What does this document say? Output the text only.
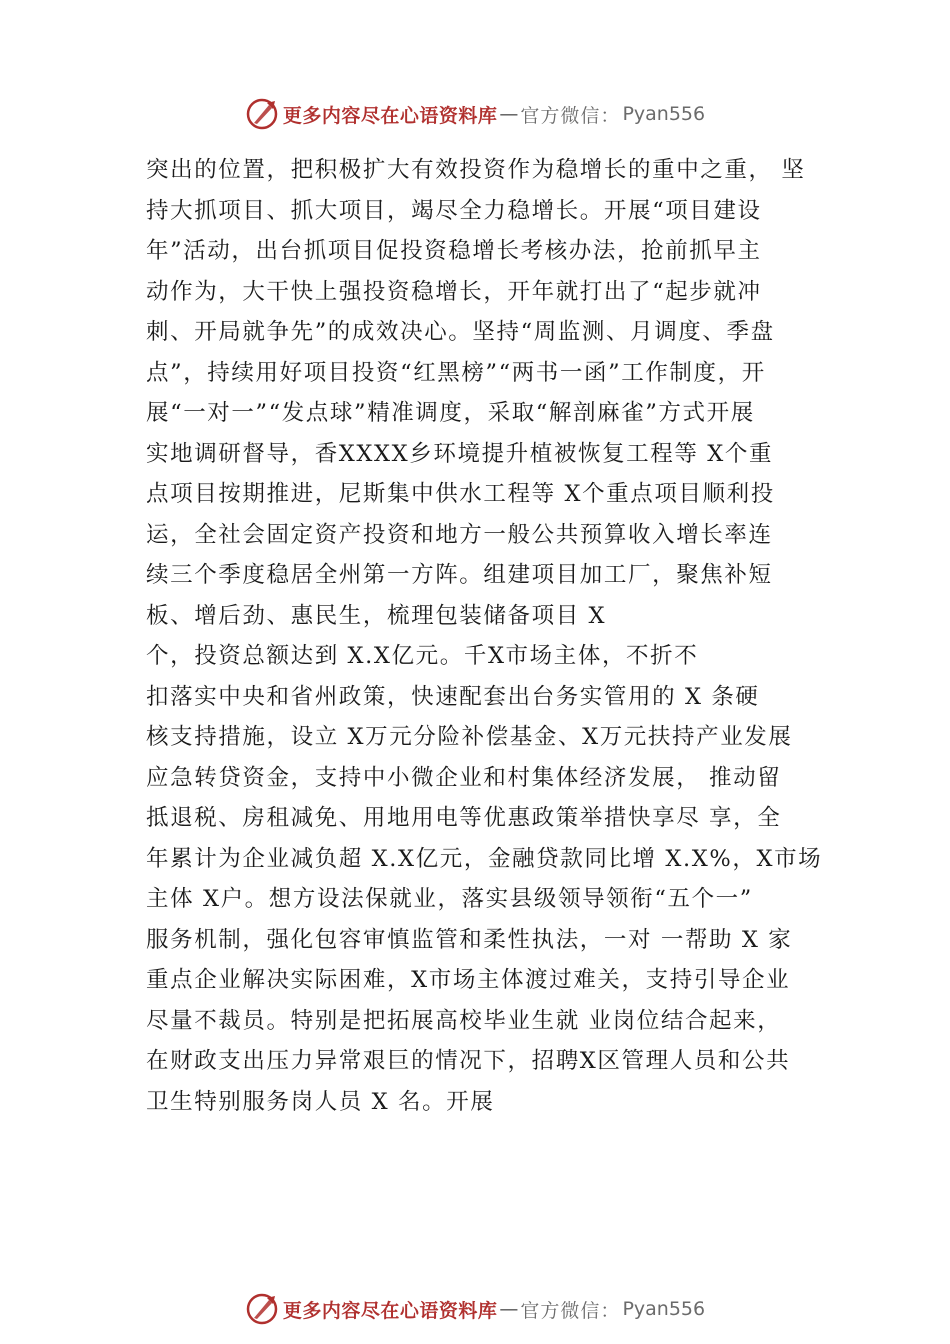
更多内容尽在心语资料库 — 官方微信： Pyan556
突出的位置，把积极扩大有效投资作为稳增长的重中之重， 坚
持大抓项目、抓大项目，竭尽全力稳增长。开展“项目建设
年”活动，出台抓项目促投资稳增长考核办法，抢前抓早主
动作为，大干快上强投资稳增长，开年就打出了“起步就冲
刺、开局就争先”的成效决心。坚持“周监测、月调度、季盘
点”，持续用好项目投资“红黑榜”“两书一函”工作制度，开
展“一对一”“发点球”精准调度，采取“解剖麻雀”方式开展
实地调研督导，香XXXX乡环境提升植被恢复工程等 X个重
点项目按期推进，尼斯集中供水工程等 X个重点项目顺利投
运，全社会固定资产投资和地方一般公共预算收入增长率连
续三个季度稳居全州第一方阵。组建项目加工厂，聚焦补短
板、增后劲、惠民生，梳理包装储备项目 X
个，投资总额达到 X.X亿元。千X市场主体，不折不
扣落实中央和省州政策，快速配套出台务实管用的 X 条硬
核支持措施，设立 X万元分险补偿基金、X万元扶持产业发展
应急转贷资金，支持中小微企业和村集体经济发展， 推动留
抵退税、房租减免、用地用电等优惠政策举措快享尽 享，全
年累计为企业减负超 X.X亿元，金融贷款同比增 X.X%，X市场
主体 X户。想方设法保就业，落实县级领导领衔“五个一”
服务机制，强化包容审慎监管和柔性执法，一对 一帮助 X 家
重点企业解决实际困难，X市场主体渡过难关，支持引导企业
尽量不裁员。特别是把拓展高校毕业生就 业岗位结合起来，
在财政支出压力异常艰巨的情况下，招聘X区管理人员和公共
卫生特别服务岗人员 X 名。开展
更多内容尽在心语资料库 — 官方微信： Pyan556
